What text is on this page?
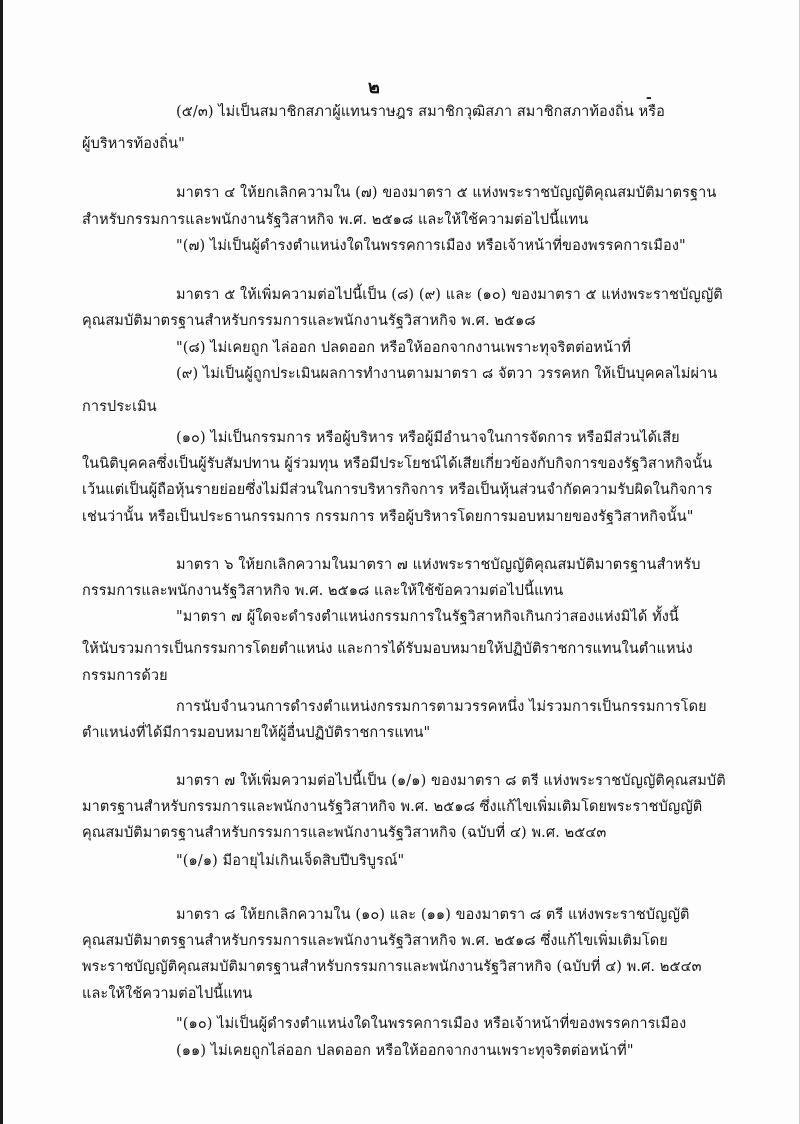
๒	-
(๕/๓) ไม่เป็นสมาชิกสภาผู้แทนราษฎร สมาชิกวุฒิสภา สมาชิกสภาท้องถิ่น หรือ
ผู้บริหารท้องถิ่น"
มาตรา ๔ ให้ยกเลิกความใน (๗) ของมาตรา ๕ แห่งพระราชบัญญัติคุณสมบัติมาตรฐาน
สำหรับกรรมการและพนักงานรัฐวิสาหกิจ พ.ศ. ๒๕๑๘ และให้ใช้ความต่อไปนี้แทน
"(๗) ไม่เป็นผู้ดำรงตำแหน่งใดในพรรคการเมือง หรือเจ้าหน้าที่ของพรรคการเมือง"
มาตรา ๕ ให้เพิ่มความต่อไปนี้เป็น (๘) (๙) และ (๑๐) ของมาตรา ๕ แห่งพระราชบัญญัติ
คุณสมบัติมาตรฐานสำหรับกรรมการและพนักงานรัฐวิสาหกิจ พ.ศ. ๒๕๑๘
"(๘) ไม่เคยถูก ไล่ออก ปลดออก หรือให้ออกจากงานเพราะทุจริตต่อหน้าที่
(๙) ไม่เป็นผู้ถูกประเมินผลการทำงานตามมาตรา ๘ จัตวา วรรคหก ให้เป็นบุคคลไม่ผ่าน
การประเมิน
(๑๐) ไม่เป็นกรรมการ หรือผู้บริหาร หรือผู้มีอำนาจในการจัดการ หรือมีส่วนได้เสีย
ในนิติบุคคลซึ่งเป็นผู้รับสัมปทาน ผู้ร่วมทุน หรือมีประโยชน์ได้เสียเกี่ยวข้องกับกิจการของรัฐวิสาหกิจนั้น
เว้นแต่เป็นผู้ถือหุ้นรายย่อยซึ่งไม่มีส่วนในการบริหารกิจการ หรือเป็นหุ้นส่วนจำกัดความรับผิดในกิจการ
เช่นว่านั้น หรือเป็นประธานกรรมการ กรรมการ หรือผู้บริหารโดยการมอบหมายของรัฐวิสาหกิจนั้น"
มาตรา ๖ ให้ยกเลิกความในมาตรา ๗ แห่งพระราชบัญญัติคุณสมบัติมาตรฐานสำหรับ
กรรมการและพนักงานรัฐวิสาหกิจ พ.ศ. ๒๕๑๘ และให้ใช้ข้อความต่อไปนี้แทน
"มาตรา ๗ ผู้ใดจะดำรงตำแหน่งกรรมการในรัฐวิสาหกิจเกินกว่าสองแห่งมิได้ ทั้งนี้
ให้นับรวมการเป็นกรรมการโดยตำแหน่ง และการได้รับมอบหมายให้ปฏิบัติราชการแทนในตำแหน่ง
กรรมการด้วย
การนับจำนวนการดำรงตำแหน่งกรรมการตามวรรคหนึ่ง ไม่รวมการเป็นกรรมการโดย
ตำแหน่งที่ได้มีการมอบหมายให้ผู้อื่นปฏิบัติราชการแทน"
มาตรา ๗ ให้เพิ่มความต่อไปนี้เป็น (๑/๑) ของมาตรา ๘ ตรี แห่งพระราชบัญญัติคุณสมบัติ
มาตรฐานสำหรับกรรมการและพนักงานรัฐวิสาหกิจ พ.ศ. ๒๕๑๘ ซึ่งแก้ไขเพิ่มเติมโดยพระราชบัญญัติ
คุณสมบัติมาตรฐานสำหรับกรรมการและพนักงานรัฐวิสาหกิจ (ฉบับที่ ๔) พ.ศ. ๒๕๔๓
"(๑/๑) มีอายุไม่เกินเจ็ดสิบปีบริบูรณ์"
มาตรา ๘ ให้ยกเลิกความใน (๑๐) และ (๑๑) ของมาตรา ๘ ตรี แห่งพระราชบัญญัติ
คุณสมบัติมาตรฐานสำหรับกรรมการและพนักงานรัฐวิสาหกิจ พ.ศ. ๒๕๑๘ ซึ่งแก้ไขเพิ่มเติมโดย
พระราชบัญญัติคุณสมบัติมาตรฐานสำหรับกรรมการและพนักงานรัฐวิสาหกิจ (ฉบับที่ ๔) พ.ศ. ๒๕๔๓
และให้ใช้ความต่อไปนี้แทน
"(๑๐) ไม่เป็นผู้ดำรงตำแหน่งใดในพรรคการเมือง หรือเจ้าหน้าที่ของพรรคการเมือง
(๑๑) ไม่เคยถูกไล่ออก ปลดออก หรือให้ออกจากงานเพราะทุจริตต่อหน้าที่"
